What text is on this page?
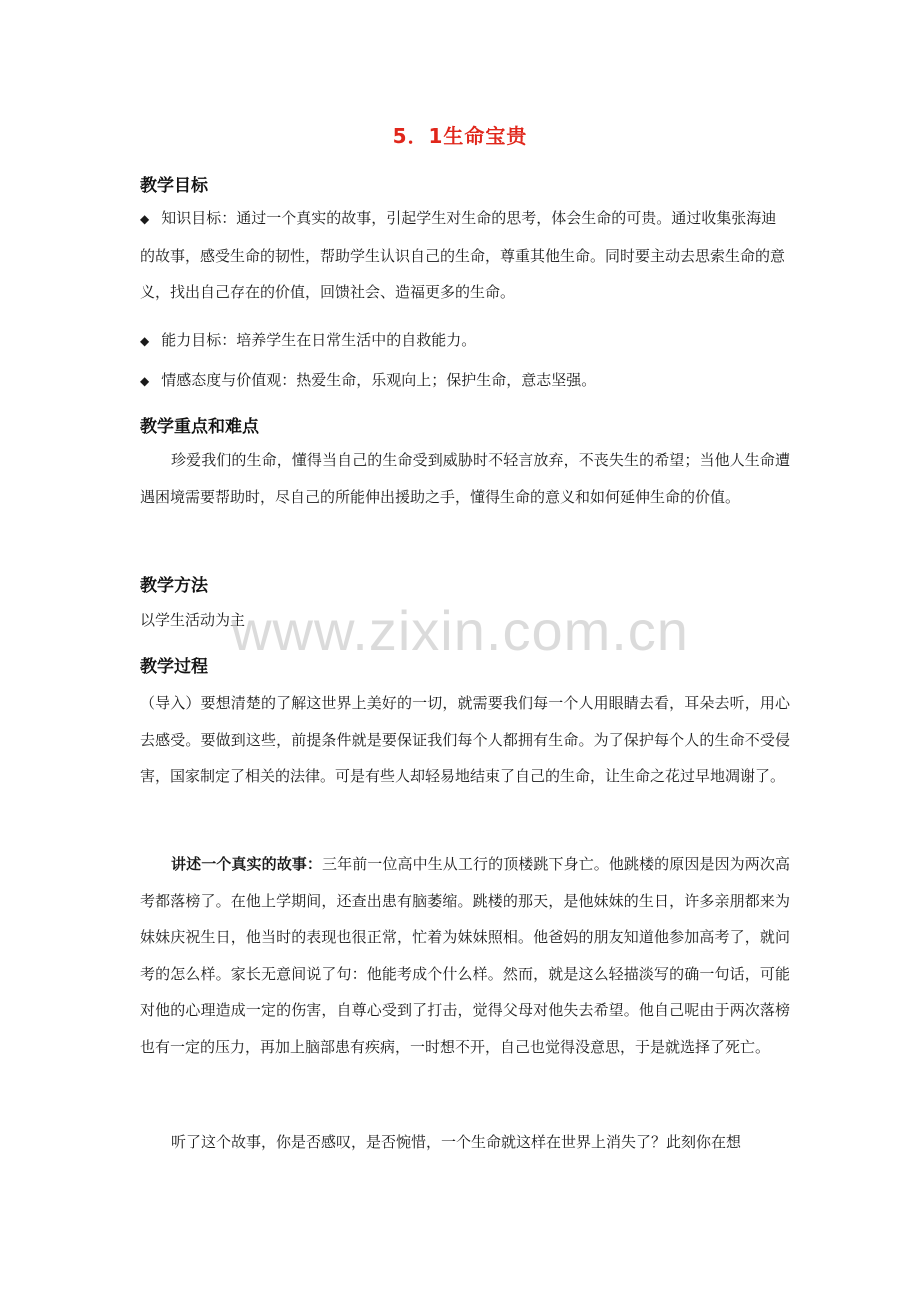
5．1生命宝贵
教学目标
◆ 知识目标：通过一个真实的故事，引起学生对生命的思考，体会生命的可贵。通过收集张海迪的故事，感受生命的韧性，帮助学生认识自己的生命，尊重其他生命。同时要主动去思索生命的意义，找出自己存在的价值，回馈社会、造福更多的生命。
◆ 能力目标：培养学生在日常生活中的自救能力。
◆ 情感态度与价值观：热爱生命，乐观向上；保护生命，意志坚强。
教学重点和难点
珍爱我们的生命，懂得当自己的生命受到威胁时不轻言放弃，不丧失生的希望；当他人生命遭遇困境需要帮助时，尽自己的所能伸出援助之手，懂得生命的意义和如何延伸生命的价值。
教学方法
以学生活动为主
教学过程
（导入）要想清楚的了解这世界上美好的一切，就需要我们每一个人用眼睛去看，耳朵去听，用心去感受。要做到这些，前提条件就是要保证我们每个人都拥有生命。为了保护每个人的生命不受侵害，国家制定了相关的法律。可是有些人却轻易地结束了自己的生命，让生命之花过早地凋谢了。
讲述一个真实的故事：三年前一位高中生从工行的顶楼跳下身亡。他跳楼的原因是因为两次高考都落榜了。在他上学期间，还查出患有脑萎缩。跳楼的那天，是他妹妹的生日，许多亲朋都来为妹妹庆祝生日，他当时的表现也很正常，忙着为妹妹照相。他爸妈的朋友知道他参加高考了，就问考的怎么样。家长无意间说了句：他能考成个什么样。然而，就是这么轻描淡写的确一句话，可能对他的心理造成一定的伤害，自尊心受到了打击，觉得父母对他失去希望。他自己呢由于两次落榜也有一定的压力，再加上脑部患有疾病，一时想不开，自己也觉得没意思，于是就选择了死亡。
听了这个故事，你是否感叹，是否惋惜，一个生命就这样在世界上消失了？此刻你在想
www.zixin.com.cn
